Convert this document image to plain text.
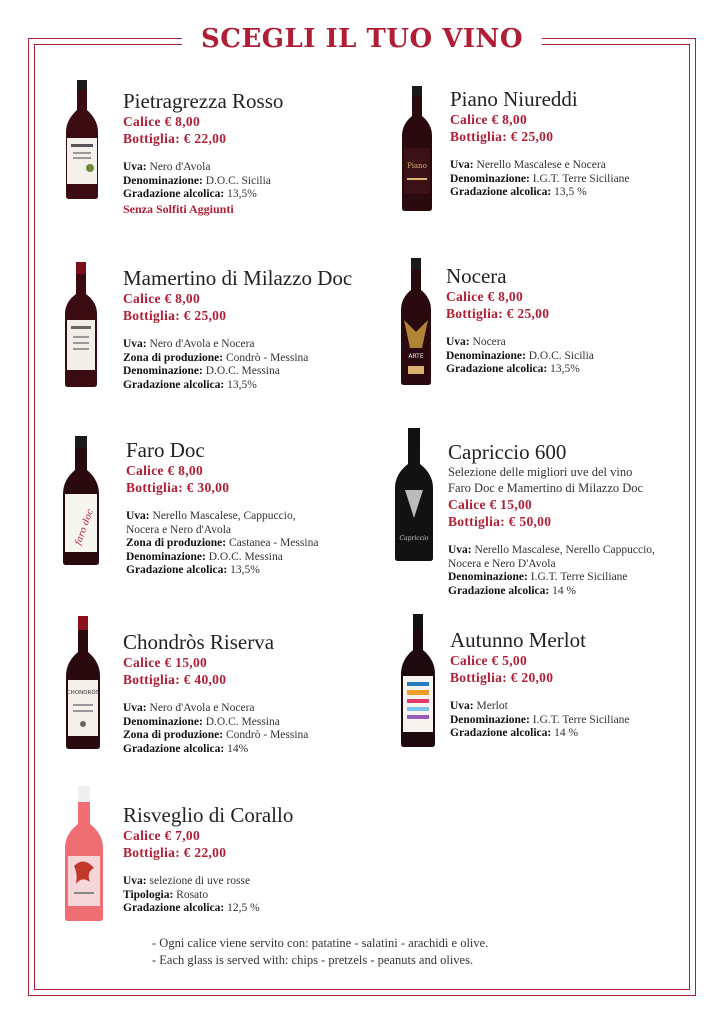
SCEGLI IL TUO VINO
Pietragrezza Rosso
Calice € 8,00
Bottiglia: € 22,00
Uva: Nero d'Avola
Denominazione: D.O.C. Sicilia
Gradazione alcolica: 13,5%
Senza Solfiti Aggiunti
Piano
Piano Niureddi
Calice € 8,00
Bottiglia: € 25,00
Uva: Nerello Mascalese e Nocera
Denominazione: I.G.T. Terre Siciliane
Gradazione alcolica: 13,5 %
Mamertino di Milazzo Doc
Calice € 8,00
Bottiglia: € 25,00
Uva: Nero d'Avola e Nocera
Zona di produzione: Condrò - Messina
Denominazione: D.O.C. Messina
Gradazione alcolica: 13,5%
ARTE
Nocera
Calice € 8,00
Bottiglia: € 25,00
Uva: Nocera
Denominazione: D.O.C. Sicilia
Gradazione alcolica: 13,5%
faro doc
Faro Doc
Calice € 8,00
Bottiglia: € 30,00
Uva: Nerello Mascalese, Cappuccio,
Nocera e Nero d'Avola
Zona di produzione: Castanea - Messina
Denominazione: D.O.C. Messina
Gradazione alcolica: 13,5%
Capriccio
Capriccio 600
Selezione delle migliori uve del vino
Faro Doc e Mamertino di Milazzo Doc
Calice € 15,00
Bottiglia: € 50,00
Uva: Nerello Mascalese, Nerello Cappuccio,
Nocera e Nero D'Avola
Denominazione: I.G.T. Terre Siciliane
Gradazione alcolica: 14 %
CHONDRÒS
Chondròs Riserva
Calice € 15,00
Bottiglia: € 40,00
Uva: Nero d'Avola e Nocera
Denominazione: D.O.C. Messina
Zona di produzione: Condrò - Messina
Gradazione alcolica: 14%
Autunno Merlot
Calice € 5,00
Bottiglia: € 20,00
Uva: Merlot
Denominazione: I.G.T. Terre Siciliane
Gradazione alcolica: 14 %
Risveglio di Corallo
Calice € 7,00
Bottiglia: € 22,00
Uva: selezione di uve rosse
Tipologia: Rosato
Gradazione alcolica: 12,5 %
- Ogni calice viene servito con: patatine - salatini - arachidi e olive.
- Each glass is served with: chips - pretzels - peanuts and olives.
